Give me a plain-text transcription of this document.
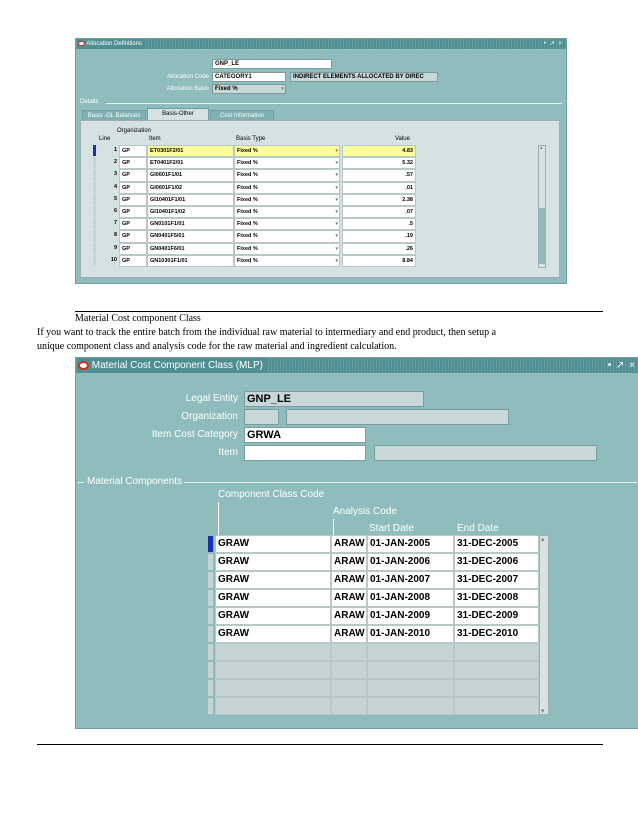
Allocation Definitions	• ↗ ×
GNP_LE
Allocation Code	CATEGORY1	INDIRECT ELEMENTS ALLOCATED BY DIREC
Allocation Basis	Fixed %	▾
Details
Basis -GL Balances	Basis-Other	Cost Information
Organization
Line	Item	Basis Type	Value
1 GP	ET0301F2/01	Fixed %	▾	4.83
2 GP	ET0401F2/01	Fixed %	▾	5.32
3 GP	GI0601F1/01	Fixed %	▾	.57
4 GP	GI0601F1/02	Fixed %	▾	.01
5 GP	GI10401F1/01	Fixed %	▾	2.38
6 GP	GI10401F1/02	Fixed %	▾	.07
7 GP	GN0101F1/01	Fixed %	▾	.5
8 GP	GN0401F5/01	Fixed %	▾	.19
9 GP	GN0401F6/01	Fixed %	▾	.26
10 GP	GN10301F1/01	Fixed %	▾	8.84
▴
Material Cost component Class
If you want to track the entire batch from the individual raw material to intermediary and end product, then setup a
unique component class and analysis code for the raw material and ingredient calculation.
Material Cost Component Class (MLP)	• ↗ ×
Legal Entity GNP_LE
Organization
Item Cost Category GRWA
Item
Material Components
Component Class Code
Analysis Code
Start Date	End Date
GRAW	ARAW 01-JAN-2005	31-DEC-2005
GRAW	ARAW 01-JAN-2006	31-DEC-2006
GRAW	ARAW 01-JAN-2007	31-DEC-2007
GRAW	ARAW 01-JAN-2008	31-DEC-2008
GRAW	ARAW 01-JAN-2009	31-DEC-2009
GRAW	ARAW 01-JAN-2010	31-DEC-2010
▴
▾
